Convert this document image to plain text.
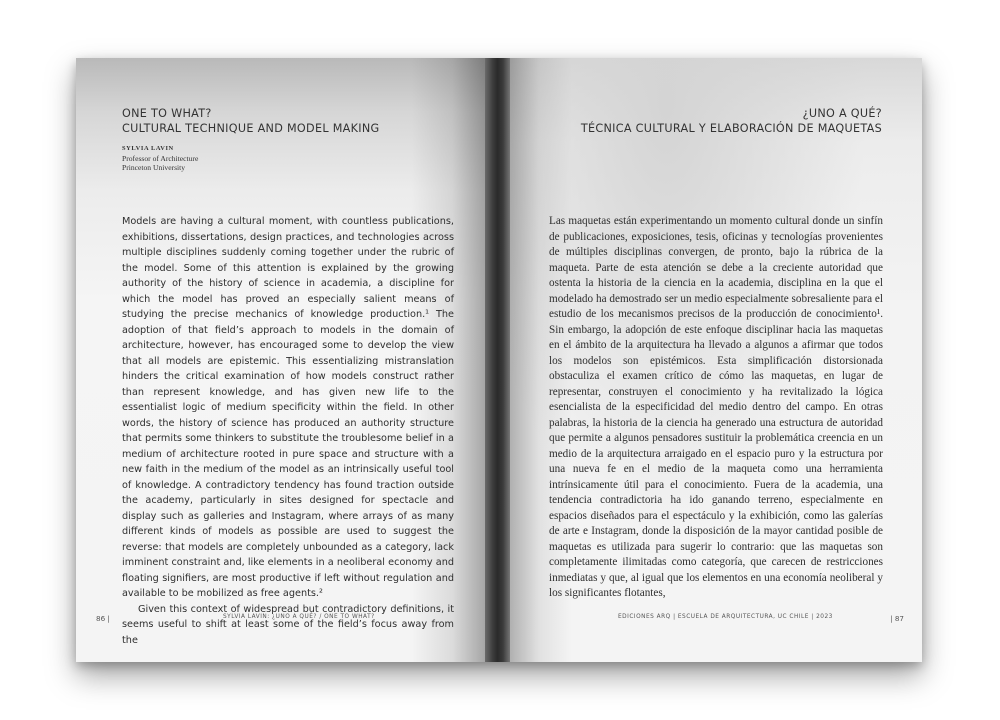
ONE TO WHAT?
CULTURAL TECHNIQUE AND MODEL MAKING
SYLVIA LAVIN
Professor of Architecture
Princeton University

Models are having a cultural moment, with countless publications, exhibitions, dissertations, design practices, and technologies across multiple disciplines suddenly coming together under the rubric of the model. Some of this attention is explained by the growing authority of the history of science in academia, a discipline for which the model has proved an especially salient means of studying the precise mechanics of knowledge production.¹ The adoption of that field’s approach to models in the domain of architecture, however, has encouraged some to develop the view that all models are epistemic. This essentializing mistranslation hinders the critical examination of how models construct rather than represent knowledge, and has given new life to the essentialist logic of medium specificity within the field. In other words, the history of science has produced an authority structure that permits some thinkers to substitute the troublesome belief in a medium of architecture rooted in pure space and structure with a new faith in the medium of the model as an intrinsically useful tool of knowledge. A contradictory tendency has found traction outside the academy, particularly in sites designed for spectacle and display such as galleries and Instagram, where arrays of as many different kinds of models as possible are used to suggest the reverse: that models are completely unbounded as a category, lack imminent constraint and, like elements in a neoliberal economy and floating signifiers, are most productive if left without regulation and available to be mobilized as free agents.²

Given this context of widespread but contradictory definitions, it seems useful to shift at least some of the field’s focus away from the

86 |	SYLVIA LAVIN: ¿UNO A QUÉ? / ONE TO WHAT?
¿UNO A QUÉ?
TÉCNICA CULTURAL Y ELABORACIÓN DE MAQUETAS

Las maquetas están experimentando un momento cultural donde un sinfín de publicaciones, exposiciones, tesis, oficinas y tecnologías provenientes de múltiples disciplinas convergen, de pronto, bajo la rúbrica de la maqueta. Parte de esta atención se debe a la creciente autoridad que ostenta la historia de la ciencia en la academia, disciplina en la que el modelado ha demostrado ser un medio especialmente sobresaliente para el estudio de los mecanismos precisos de la producción de conocimiento¹. Sin embargo, la adopción de este enfoque disciplinar hacia las maquetas en el ámbito de la arquitectura ha llevado a algunos a afirmar que todos los modelos son epistémicos. Esta simplificación distorsionada obstaculiza el examen crítico de cómo las maquetas, en lugar de representar, construyen el conocimiento y ha revitalizado la lógica esencialista de la especificidad del medio dentro del campo. En otras palabras, la historia de la ciencia ha generado una estructura de autoridad que permite a algunos pensadores sustituir la problemática creencia en un medio de la arquitectura arraigado en el espacio puro y la estructura por una nueva fe en el medio de la maqueta como una herramienta intrínsicamente útil para el conocimiento. Fuera de la academia, una tendencia contradictoria ha ido ganando terreno, especialmente en espacios diseñados para el espectáculo y la exhibición, como las galerías de arte e Instagram, donde la disposición de la mayor cantidad posible de maquetas es utilizada para sugerir lo contrario: que las maquetas son completamente ilimitadas como categoría, que carecen de restricciones inmediatas y que, al igual que los elementos en una economía neoliberal y los significantes flotantes,

EDICIONES ARQ | ESCUELA DE ARQUITECTURA, UC CHILE | 2023	| 87
